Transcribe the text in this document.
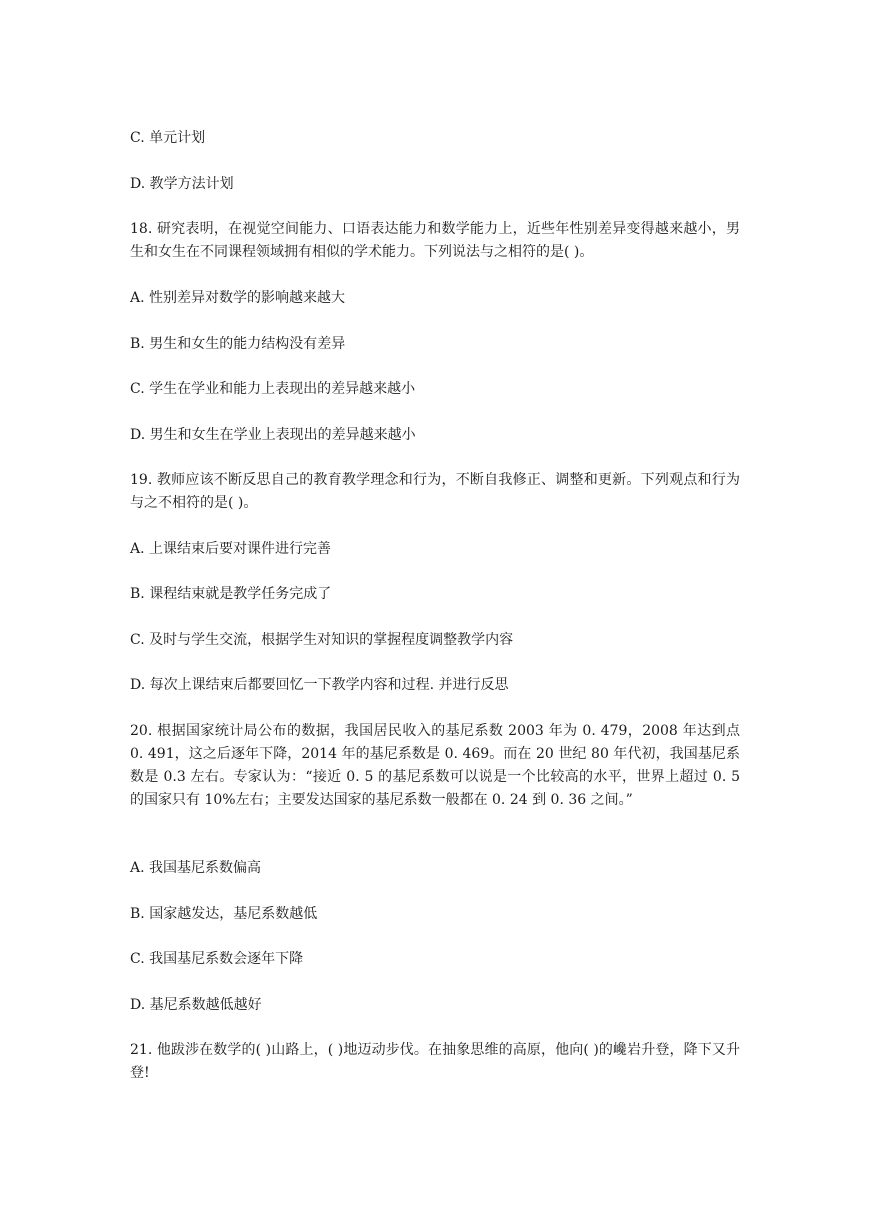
C. 单元计划
D. 教学方法计划
18. 研究表明，在视觉空间能力、口语表达能力和数学能力上，近些年性别差异变得越来越小，男生和女生在不同课程领域拥有相似的学术能力。下列说法与之相符的是( )。
A. 性别差异对数学的影响越来越大
B. 男生和女生的能力结构没有差异
C. 学生在学业和能力上表现出的差异越来越小
D. 男生和女生在学业上表现出的差异越来越小
19. 教师应该不断反思自己的教育教学理念和行为，不断自我修正、调整和更新。下列观点和行为与之不相符的是( )。
A. 上课结束后要对课件进行完善
B. 课程结束就是教学任务完成了
C. 及时与学生交流，根据学生对知识的掌握程度调整教学内容
D. 每次上课结束后都要回忆一下教学内容和过程. 并进行反思
20. 根据国家统计局公布的数据，我国居民收入的基尼系数 2003 年为 0. 479，2008 年达到点 0. 491，这之后逐年下降，2014 年的基尼系数是 0. 469。而在 20 世纪 80 年代初，我国基尼系数是 0.3 左右。专家认为：“接近 0. 5 的基尼系数可以说是一个比较高的水平，世界上超过 0. 5 的国家只有 10%左右；主要发达国家的基尼系数一般都在 0. 24 到 0. 36 之间。”
A. 我国基尼系数偏高
B. 国家越发达，基尼系数越低
C. 我国基尼系数会逐年下降
D. 基尼系数越低越好
21. 他跋涉在数学的( )山路上，( )地迈动步伐。在抽象思维的高原，他向( )的巉岩升登，降下又升登!
